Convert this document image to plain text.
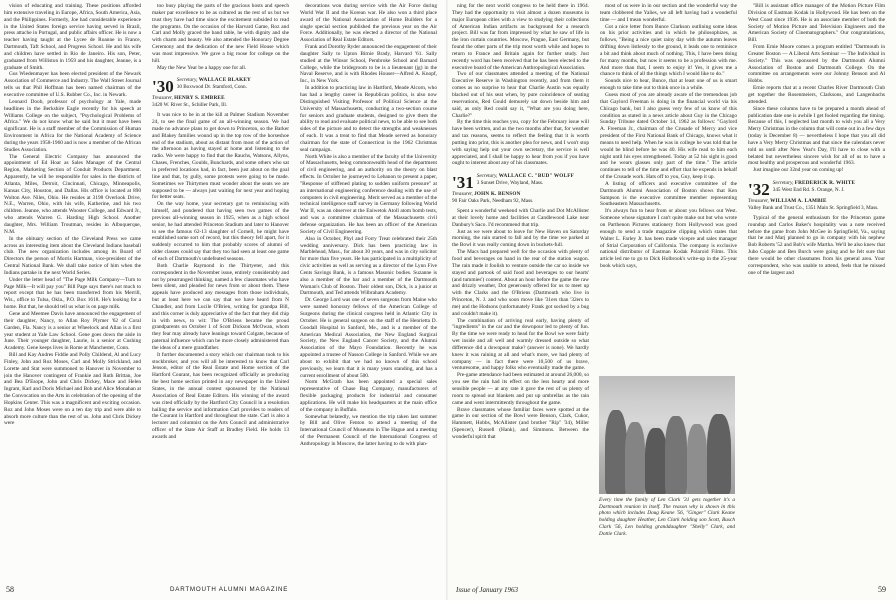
vision of educating and training. These positions afforded him extensive traveling in Europe, Africa, South America, Asia, and the Philippines. Formerly, Joe had considerable experience in the United States foreign service having served in Brazil, press attache in Portugal, and public affairs officer. He is now a teacher having taught at the Lycee de Roanne in France, Dartmouth, Taft School, and Progress School. He and his wife and children have settled in Rio de Janeiro. His son, Peter, graduated from Williston in 1959 and his daughter, Jeanne, is a graduate of Smith.

Gus Wiedenmayer has been elected president of the Newark Association of Commerce and Industry. The Wall Street Journal tells us that Phil Hoffman has been named chairman of the executive committee of U.S. Rubber Co., Inc. in Newark.

Leonard Doob, professor of psychology at Yale, made headlines in the Berkshire Eagle recently for his speech at Williams College on the subject, "Psychological Problems of Africa." We do not know what he said but it must have been significant. He is a staff member of the Commission of Human Environment in Africa for the National Academy of Science during the years 1958-1960 and is now a member of the African Studies Association.

The General Electric Company has announced the appointment of Ed Hoar as Sales Manager of the Central Region, Marketing Section of Conduit Products Department. Apparently, he will be responsible for sales in the districts of Atlanta, Miles, Detroit, Cincinnati, Chicago, Minneapolis, Kansas City, Houston, and Dallas. His office is located at 890 Wolton Ave. Niles, Ohio. He resides at 3198 Overlook Drive, N.E., Warren, Ohio, with his wife, Katherine, and his two children. Jeanne, who attends Wooster College, and Edward Jr., who attends Warren G. Harding High School. Another daughter, Mrs. William Troutman, resides in Albuquerque, N.M.

In the obituary section of the Cleveland Press we came across an interesting item about the Cleveland Indians baseball club. The new organization includes among its Board of Directors the person of Morris Hartman, vice-president of the Central National Bank. We shall take notice of him when the Indians partake in the next World Series.

Under the letter head of "The Page Milk Company—Turn to Page Milk—It will pay you" Bill Page says there's not much to report except that he has been transferred from his Merrill, Wis., office to Tulsa, Okla., P.O. Box 1618. He's looking for a home. But that, he should tell us what is on page milk.

Gene and Meemee Davis have announced the engagement of their daughter, Nancy, to Allan Roy Plymer '62 of Coral Garden, Fla. Nancy is a senior at Wheelock and Allan is a first year student at Yale Law School. Gene goes down the aisle in June. Their younger daughter, Laurie, is a senior at Cushing Academy. Gene keeps lives in Rome at Manchester, Conn.

Bill and Kay Andres Fiddie and Polly Childend, Al and Lucy Finley, John and Roz Moses, Carl and Molly Strickland, and Lorette and Stat were summoned to Hanover in November to join the Hanover contingent of Frankie and Ruth Brittan, Joe and Bea D'Esope, John and Chris Dickey, Mace and Helen Ingram, Karl and Doris Michael and Bob and Alice Monahan at the Convocation on the Arts in celebration of the opening of the Hopkins Center. This was a magnificent and exciting occasion. Roz and John Moses were on a ten day trip and were able to absorb more culture than the rest of us. John and Chris Dickey were

too busy playing the parts of the gracious hosts and speech maker par excellence to be as cultured as the rest of us but we trust they have had time since the excitement subsided to read the programs. On the occasion of the Harvard Game, Roz and Carl and Molly graced the band table, he with dignity and she with charm and beauty. We also attended the Honorary Degree Ceremony and the dedication of the new Field House which was most impressive. We gave a big roose for college on the hill.

May the New Year be a happy one for all.

'30 Secretary, WALLACE BLAKEY
30 Boxwood Dr. Stamford, Conn.
Treasurer, HENRY S. EMBREE
3420 W. River St., Schiller Park, Ill.

It was nice to be in at the kill at Palmer Stadium November 24, to see the final game of an all-winning season. We had made no advance plans to get down to Princeton, so the Barker and Blakey families wound up in the top row of the horseshoe end of the stadium, about as distant from most of the action of the afternoon as having stayed at home and listening to the radio. We were happy to find that the Rauchs, Watsons, Allyns, Chases, Frenches, Goulds, Bunchards, and some others who sat in preferred locations had, in fact, been just about on the goal line and that, by gully, some protests were going to be made. Sometimes we Thirtymen must wonder about the seats we are supposed to be — always just waiting for next year and hoping for better seats.

On the way home, your secretary got to reminiscing with himself, and pondered that having seen two games of the previous all-winning season in 1925, when as a high school senior, he had attended Princeton Stadium and later to Hanover to see the famous 62-13 slaughter of Cornell, he might have established some sort of record, but this theory fell apart, for it suddenly occurred to him that probably scores of alumni of older classes could say that they too had seen at least one game of each of Dartmouth's undefeated seasons.

Both Charlie Raymond in the Thirtyeter, and this correspondent in the November issue, entirely considerably and not by prearranged thinking, named a few classmates who have been silent, and pleaded for news from or about them. These appeals have produced any messages from those individuals, but at least here we can say that we have heard from N Chandler, and from Lucile O'Brien, writing for grandpa Bill, and this corner is duly appreciative of the fact that they did chip in with news, to wit: The O'Briens became the proud grandparents on October 1 of Scott Dickson McOwan, whom they fear may already have leanings toward Colgate, because of paternal influence which can be more closely administered than the ideas of a mere grandfather.

It further documented a story which our chairman took to his stockbroker, and you will all be interested to know that Carl Jenson, editor of the Real Estate and Home section of the Hartford Courant, has been recognized officially as producing the best home section printed in any newspaper in the United States, in the annual contest sponsored by the National Association of Real Estate Editors. His winning of the award was cited officially by the Hartford City Council in a resolution hailing the service and information Carl provides to readers of the Courant in Hartford and throughout the state. Carl is also a lecturer and columnist on the Arts Council and administrative officer of the State Air Staff at Bradley Field. He holds 13 awards and

decorations won during service with the Air Force during World War II and the Korean war. He also won a third place award of the National Association of Home Builders for a single special section published the previous year on the Air Force. Additionally, he was elected a director of the National Association of Real Estate Editors.

Frank and Dorothy Ryder announced the engagement of their daughter Sally to Upton Birnie Brady, Harvard '61. Sally studied at the Winsor School, Pembroke School and Barnard College, while the bridegroom to be is a lieutenant (jg) in the Naval Reserve, and is with Rhodes Houser—Alfred A. Knopf, Inc., in New York.

In addition to practicing law in Hartford, Meade Alcorn, who has had a lengthy career in Republican politics, is also now Distinguished Visiting Professor of Political Science at the University of Massachusetts, conducting a two-section course for seniors and graduate students, designed to give them the ability to read and evaluate political news, to be able to see both sides of the picture and to detect the strengths and weaknesses of each. It was a treat to find that Meade served as honorary chairman for the state of Connecticut in the 1962 Christmas seal campaign.

North White is also a member of the faculty of the University of Massachusetts, being commonwealth head of the department of civil engineering, and an authority on the theory on blast effects. In October he journeyed to Lebanon to present a paper, "Response of stiffened plating to sudden uniform pressure" at an international engineering conference dealing with the use of computers in civil engineering. Merit served as a member of the technical intelligence staff survey in Germany following World War II, was an observer at the Eniwetok Atoll atom bomb tests, and was a committee chairman of the Massachusetts civil defense organization. He has been an officer of the American Society of Civil Engineering.

Also in October, Phyl and Forry Treat celebrated their 25th wedding anniversary. Dick has been practicing law in Marblehead, Mass., for about 30 years, and was in city solicitor for more than five years. He has participated in a multiplicity of civic activities as well as serving as a director of the Lynn Five Cents Savings Bank, is a famous Masonic bodies. Suzanne is also a member of the bar and a member of the Dartmouth Woman's Club of Boston. Their oldest son, Dick, is a junior at Dartmouth, and Ted attends Wilbraham Academy.

Dr. George Lord was one of seven surgeons from Maine who were named honorary fellows of the American College of Surgeons during the clinical congress held in Atlantic City in October. He is general surgeon on the staff of the Henrietta D. Goodall Hospital in Sanford, Me., and is a member of the American Medical Association, the New England Surgical Society, the New England Cancer Society, and the Alumni Association of the Mayo Foundation. Recently he was appointed a trustee of Nasson College in Sanford. While we are about to exhibit that we had no known of this school previously, we learn that it is many years standing, and has a current enrollment of about 500.

Norm McGrath has been appointed a special sales representative of Chase Bag Company, manufacturers of flexible packaging products for industrial and consumer applications. He will make his headquarters at the main office of the company in Buffalo.

Somewhat belatedly, we mention the trip taken last summer by Bill and Olive Fenton to attend a meeting of the International Council of Museums in The Hague and a meeting of the Permanent Council of the International Congress of Anthropology in Moscow, the latter having to do with plan-

58	DARTMOUTH ALUMNI MAGAZINE

ning for the next world congress to be held there in 1964. They had the opportunity to visit almost a dozen museums in major European cities with a view to studying their collections of American Indian artifacts as background for a research project. Bill was far from impressed by what he saw of life in the iron curtain countries. Moscow, Prague, East Germany, but found the other parts of the trip most worth while and hopes to return to France and Britain again for further study. Just recently word has been received that he has been elected to the executive board of the American Anthropological Association.

Two of our classmates attended a meeting of the National Executive Reserve in Washington recently, and from them it comes as no surprise to hear that Charlie Austin was equally blacked out of his seat when, by pure coincidence of seating reservations, Red Gould demurely sat down beside him and said, as only Red could say it, "What are you doing here, Charlie?"

By the time this reaches you, copy for the February issue will have been written, and as the two months after that, for weather and tax reasons, seems to reflect the feeling that it is worth putting into print, this is another plea for news, and I won't stop with saying help out your own secretary, the service is well appreciated, and I shall be happy to hear from you if you have ought to interest about any of his classmates.

'31 Secretary, WALLACE C. "BUD" WOLFF
3 Sunset Drive, Wayland, Mass.
Treasurer, JOHN K. BENSON
90 Fair Oaks Park, Needham 92, Mass.

Spent a wonderful weekend with Charlie and Dot McAllister at their lovely home and facilities at Candlewood Lake near Danbury's Saco. I'd recommend that trip.

Just as we were about to leave for New Haven on Saturday morning, the rain started to fall and by the time we parked at the Bowl it was really coming down in buckets-full.

The Macs had prepared well for the occasion with plenty of food and beverages on hand in the rear of the station wagon. The rain made it foolish to venture outside the car so inside we stayed and partook of said food and beverages to our hearts' (and tummies') content. About an hour before the game the raw and drizzly weather, Dot generously offered for us to meet up with the Clarks and the O'Briens (Dartmouth who live in Princeton, N. J. and who soon move like '31ers than '32ers to me) and the Hodsons (unfortunately Frank got socked by a bug and couldn't make it).

The combination of arriving real early, having plenty of "ingredients" in the car and the downpour led to plenty of fun. By the time we were ready to head for the Bowl we were fairly wet inside and all well and warmly dressed outside so what difference did a downpour make? (answer is none). We hardly knew it was raining at all and what's more, we had plenty of company — in fact there were 10,500 of us brave, venturesome, and happy folks who eventually made the game.

Pre-game attendance had been estimated at around 26,000, so you see the rain had its effect on the less hearty and more sensible people — at any rate it gave the rest of us plenty of room to spread out blankets and put up umbrellas as the rain came and went intermittently throughout the game.

Brave classmates whose familiar faces were spotted at the game in our section of the Bowl were Benson, Clark, Cukor, Hammett, Hobbs, McAllister (and brother "Rip" '34), Miller (Spencer), Russell (Hank), and Simmons. Between the wonderful spirit that

most of us were in in our section and the wonderful way the team clobbered the Yalies, we all left having had a wonderful time — and I mean wonderful.

Got a nice letter from Bunce Clarkson outlining some ideas on his prior activities and in which he philosophizes, as follows, "Being a nice quiet rainy day with the autumn leaves drifting down listlessly to the ground, it leads one to reminisce a bit and think about much of nothing. This, I have been doing for many months, but now it seems to be a profession with me. And more than that, I seem to enjoy it! Yes, it gives me a chance to think of all the things which I would like to do."

Sounds nice to hear, Bunce, that at least one of us is smart enough to take time out to think once in a while.

Guess most of you are already aware of the tremendous job that Gaylord Freeman is doing in the financial world via his Chicago bank, but I also guess very few of us know of this condition as stated in a news article about Guy in the Chicago Sunday Tribune dated October 14, 1962 as follows: "Gaylord A. Freeman Jr., chairman of the Crusade of Mercy and vice president of the First National Bank of Chicago, knows what it means to need help. When he was in college he was told that he would be blind before he was 40. His wife read to him each night until his eyes strengthened. Today at 52 his sight is good and he wears glasses only part of the time." The article continues to tell of the time and effort that he expends in behalf of the Crusade work. Hats off to you, Guy, keep it up.

A listing of officers and executive committee of the Dartmouth Alumni Association of Boston shows that Ken Sampson is the executive committee member representing Southeastern Massachusetts.

It's always fun to hear from or about you fellows out West. Someone whose signature I can't quite make out but who wrote on Parthenon Pictures stationery from Hollywood was good enough to send a trade magazine clipping which states that Walter L. Farley Jr. has been made vicepre and sales manager of Strial Corporation of California. The company is exclusive national distributor of Eastman Kodak Polaroid Films. This article led me to go to Dick Holbrook's write-up in the 25-year book which says,

"Bill is assistant office manager of the Motion Picture Film Division of Eastman Kodak in Hollywood. He has been on the West Coast since 1936. He is an associate member of both the Society of Motion Picture and Television Engineers and the American Society of Cinematographers." Our congratulations, Bill.

From Ernie Moore comes a program entitled "Dartmouth in Greater Boston — A Liberal Arts Seminar — The Individual in Society." This was sponsored by the Dartmouth Alumni Association of Boston and Dartmouth College. On the committee on arrangements were our Johnny Benson and Al Hobbs.

Ernie reports that at a recent Charles River Dartmouth Club get together the Rosenmeiers, Clarksons, and Langenbachs attended.

Since these columns have to be prepared a month ahead of publication date one is awhile I get fooled regarding the timing. Because of this, I neglected last month to wish you all a Very Merry Christmas in the column that will come out in a few days (today is December 8) — nevertheless I hope that you all did have a Very Merry Christmas and that since the calendars never told us until after New Year's Day, I'll have to close with a belated but nevertheless sincere wish for all of us to have a most healthy and prosperous and wonderful 1963.

Just imagine our 32nd year on coming up!

'32 Secretary, FREDERICK R. WHITE
345 West End Rd. S. Orange, N. J.
Treasurer, WILLIAM A. LAMBIE
Valley Bank and Trust Co., 1351 Main St. Springfield 3, Mass.

Typical of the general enthusiasm for the Princeton game roundup and Carlos Baker's hospitality was a note received before the game from John McGee in Springfield, Va., saying that he and Marj planned to go in company with his nephew Bob Roberts '52 and Bob's wife Martha. We'll be also knew that Jubo Copple and Ben Burch were going and he felt sure that there would be other classmates from his general area. Your correspondent, who was unable to attend, feels that he missed one of the largest and

Issue of January 1963	59
Every time the family of Len Clark '31 gets together it's a Dartmouth reunion in itself. The reason why is shown in this photo which includes Doug Keane '56, "Ginger" Clark Keane holding daughter Heather, Len Clark holding son Scott, Busch Clark '56, Len holding granddaughter "Shelly" Clark, and Dottie Clark.
